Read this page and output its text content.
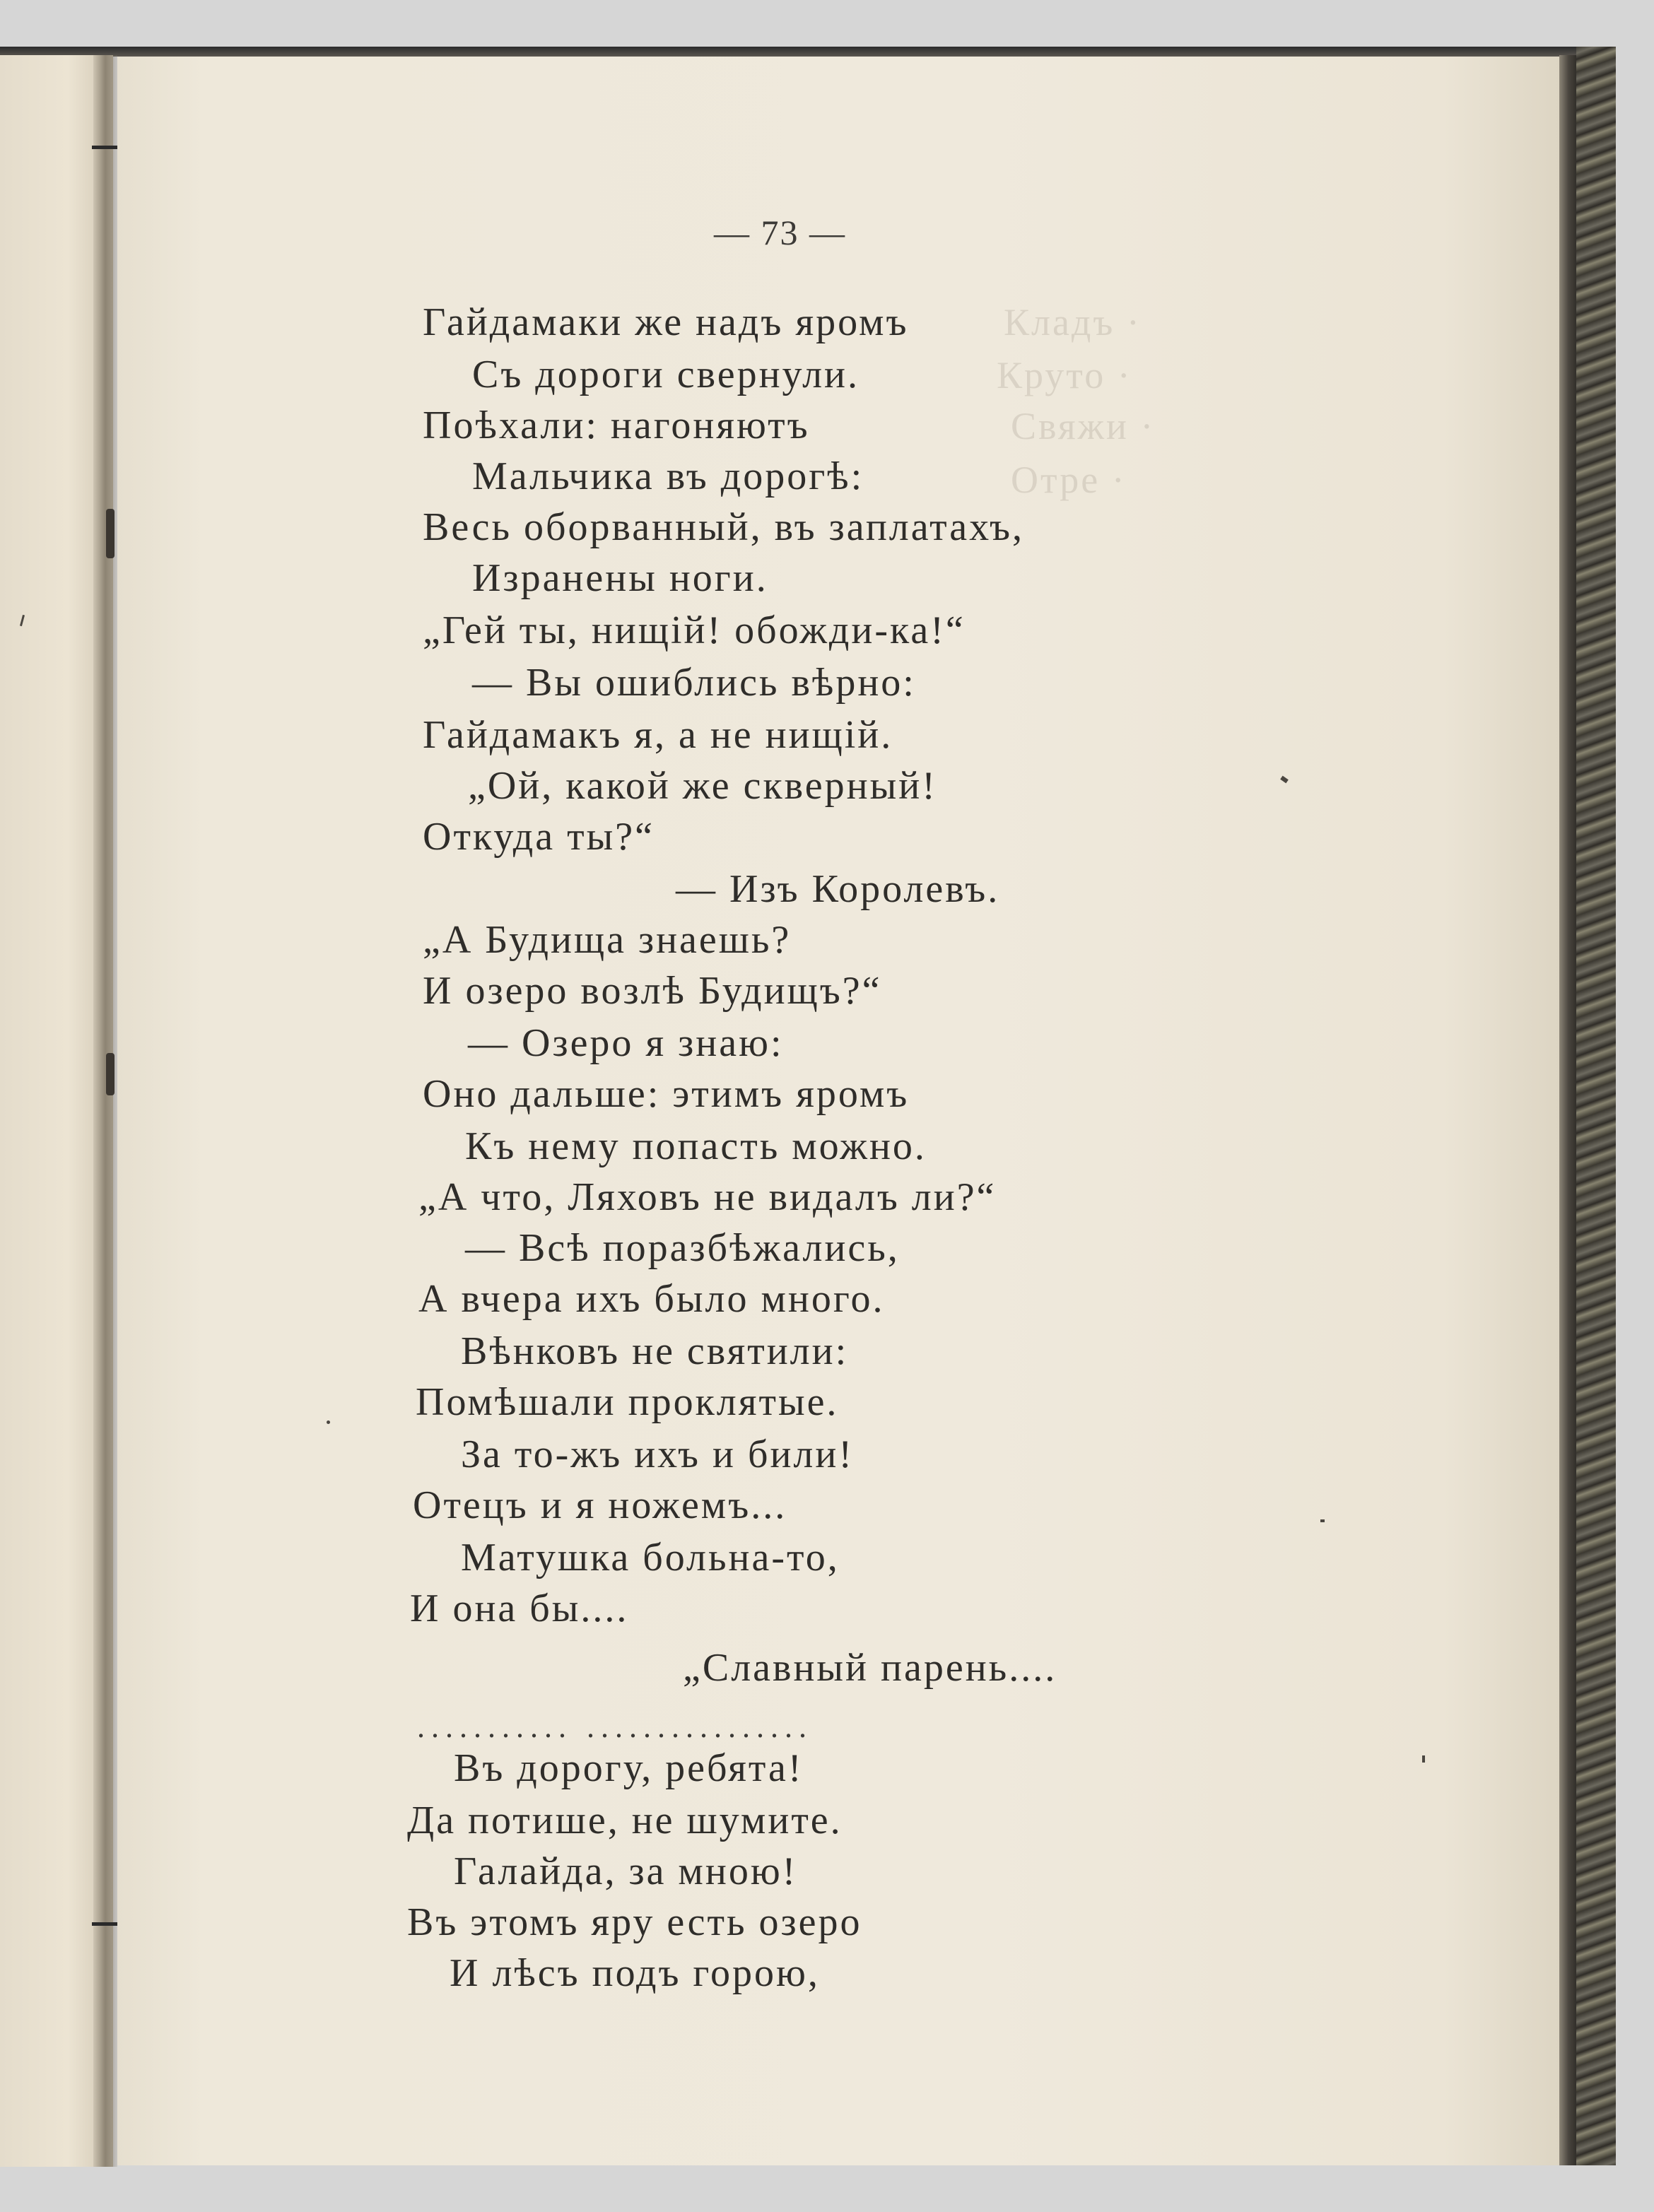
Кладъ ·
Круто ·
Свяжи ·
Отре ·
— 73 —
Гайдамаки же надъ яромъ
Съ дороги свернули.
Поѣхали: нагоняютъ
Мальчика въ дорогѣ:
Весь оборванный, въ заплатахъ,
Изранены ноги.
„Гей ты, нищій! обожди-ка!“
— Вы ошиблись вѣрно:
Гайдамакъ я, а не нищій.
„Ой, какой же скверный!
Откуда ты?“
— Изъ Королевъ.
„А Будища знаешь?
И озеро возлѣ Будищъ?“
— Озеро я знаю:
Оно дальше: этимъ яромъ
Къ нему попасть можно.
„А что, Ляховъ не видалъ ли?“
— Всѣ поразбѣжались,
А вчера ихъ было много.
Вѣнковъ не святили:
Помѣшали проклятые.
За то-жъ ихъ и били!
Отецъ и я ножемъ...
Матушка больна-то,
И она бы....
„Славный парень....
........... ................
Въ дорогу, ребята!
Да потише, не шумите.
Галайда, за мною!
Въ этомъ яру есть озеро
И лѣсъ подъ горою,
